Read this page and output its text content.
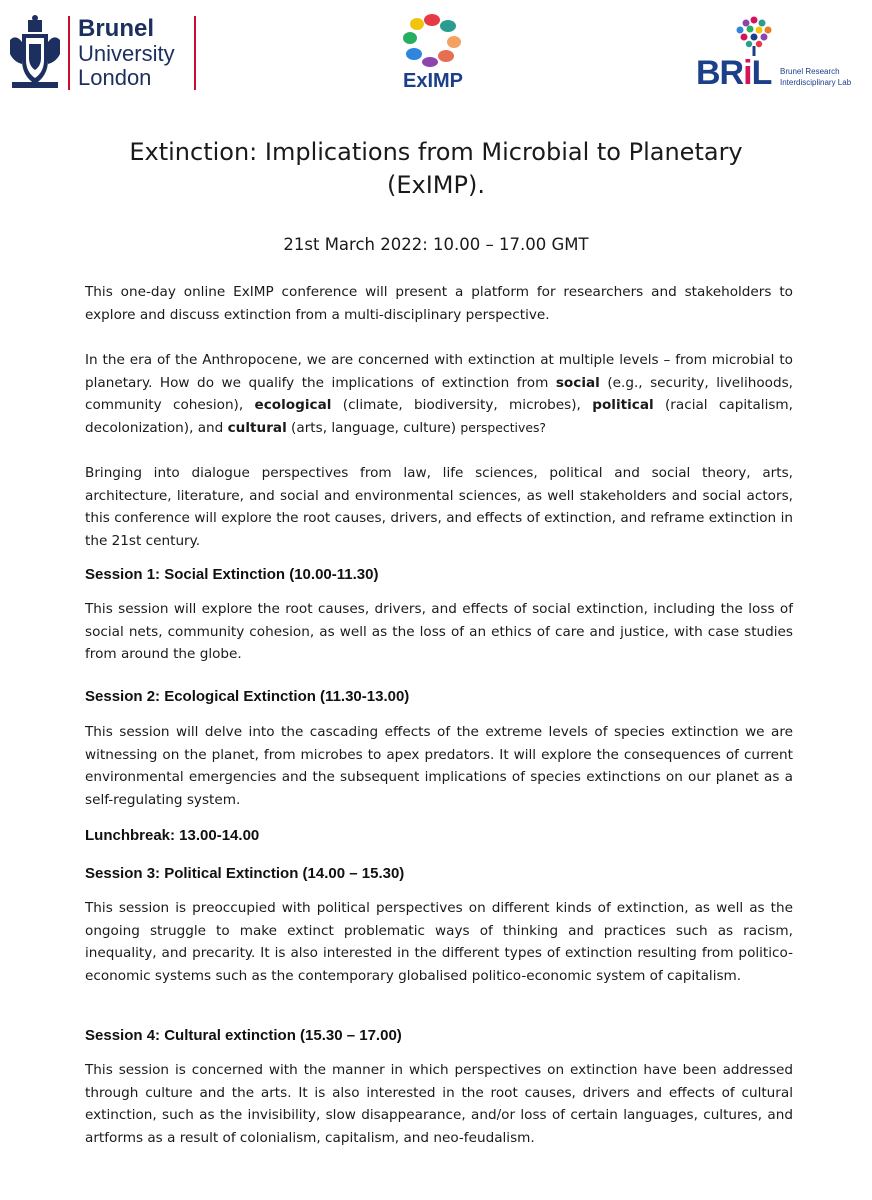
Brunel
University
London	ExIMP	BRiL Brunel Research
Interdisciplinary Lab
Extinction: Implications from Microbial to Planetary
(ExIMP).
21st March 2022: 10.00 – 17.00 GMT
This one-day online ExIMP conference will present a platform for researchers and stakeholders to explore and discuss extinction from a multi-disciplinary perspective.
In the era of the Anthropocene, we are concerned with extinction at multiple levels – from microbial to planetary. How do we qualify the implications of extinction from social (e.g., security, livelihoods, community cohesion), ecological (climate, biodiversity, microbes), political (racial capitalism, decolonization), and cultural (arts, language, culture) perspectives?
Bringing into dialogue perspectives from law, life sciences, political and social theory, arts, architecture, literature, and social and environmental sciences, as well stakeholders and social actors, this conference will explore the root causes, drivers, and effects of extinction, and reframe extinction in the 21st century.
Session 1: Social Extinction (10.00-11.30)
This session will explore the root causes, drivers, and effects of social extinction, including the loss of social nets, community cohesion, as well as the loss of an ethics of care and justice, with case studies from around the globe.
Session 2: Ecological Extinction (11.30-13.00)
This session will delve into the cascading effects of the extreme levels of species extinction we are witnessing on the planet, from microbes to apex predators. It will explore the consequences of current environmental emergencies and the subsequent implications of species extinctions on our planet as a self-regulating system.
Lunchbreak: 13.00-14.00
Session 3: Political Extinction (14.00 – 15.30)
This session is preoccupied with political perspectives on different kinds of extinction, as well as the ongoing struggle to make extinct problematic ways of thinking and practices such as racism, inequality, and precarity. It is also interested in the different types of extinction resulting from politico-economic systems such as the contemporary globalised politico-economic system of capitalism.
Session 4: Cultural extinction (15.30 – 17.00)
This session is concerned with the manner in which perspectives on extinction have been addressed through culture and the arts. It is also interested in the root causes, drivers and effects of cultural extinction, such as the invisibility, slow disappearance, and/or loss of certain languages, cultures, and artforms as a result of colonialism, capitalism, and neo-feudalism.
